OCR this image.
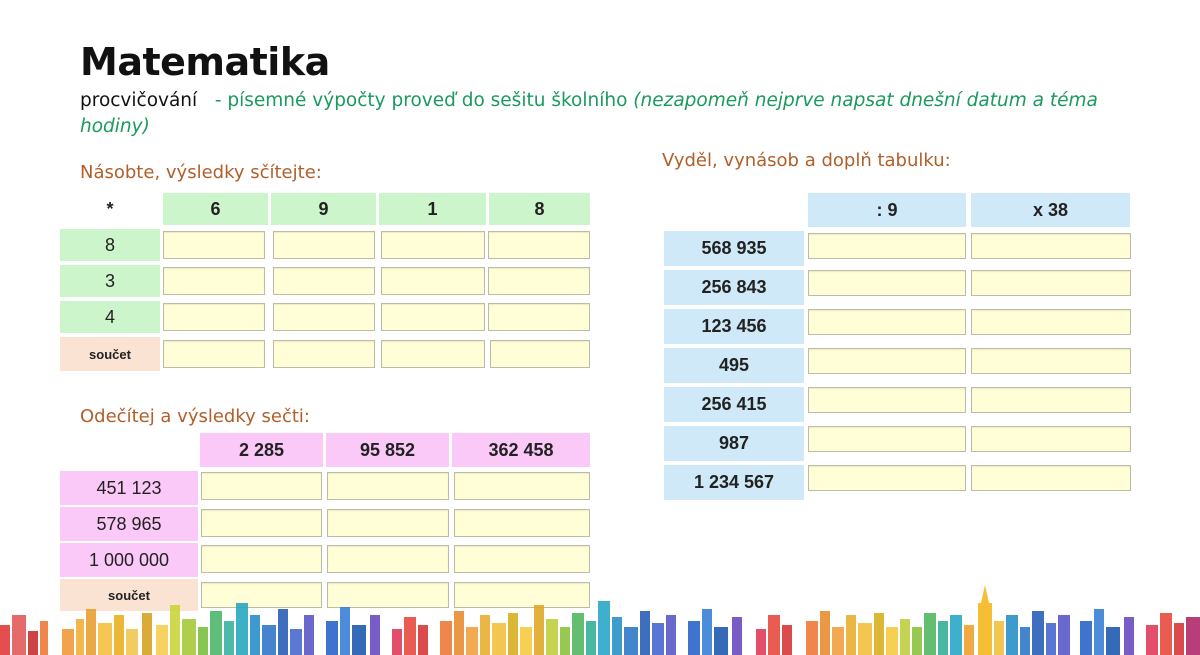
Matematika
procvičování - písemné výpočty proveď do sešitu školního (nezapomeň nejprve napsat dnešní datum a téma hodiny)
Násobte, výsledky sčítejte:
*	6	9	1	8
8
3
4
součet
Odečítej a výsledky sečti:
2 285	95 852	362 458
451 123
578 965
1 000 000
součet
Vyděl, vynásob a doplň tabulku:
: 9	x 38
568 935
256 843
123 456
495
256 415
987
1 234 567
